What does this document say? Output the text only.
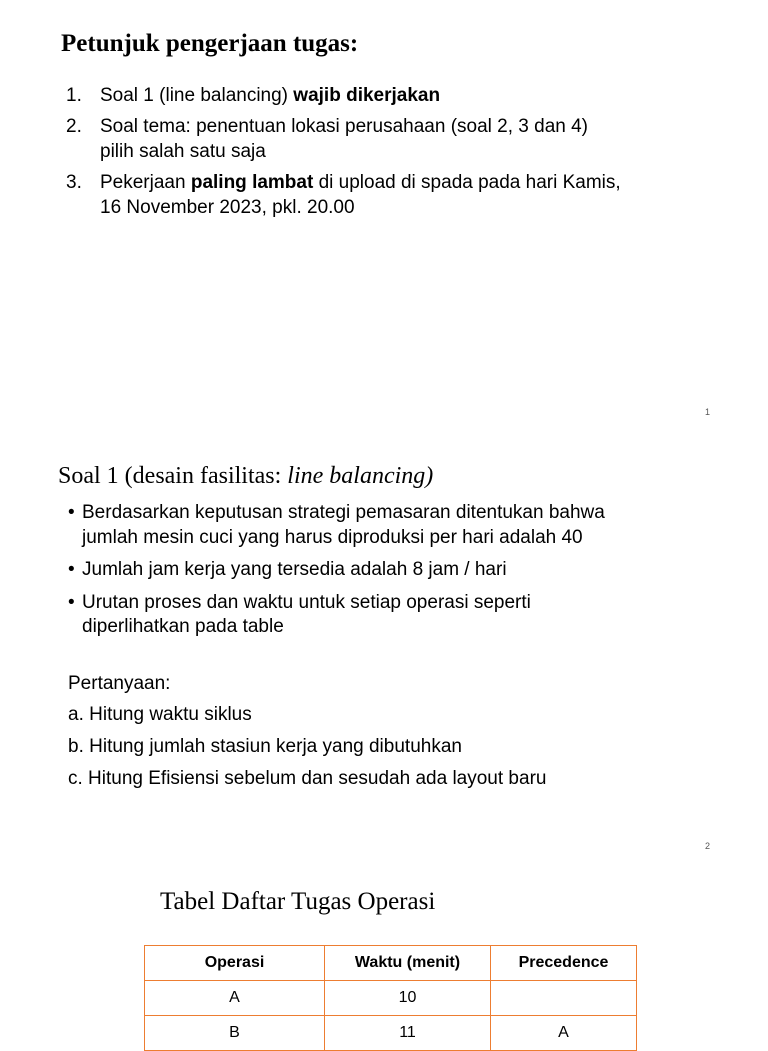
Petunjuk pengerjaan tugas:
1. Soal 1 (line balancing) wajib dikerjakan
2. Soal tema: penentuan lokasi perusahaan (soal 2, 3 dan 4) pilih salah satu saja
3. Pekerjaan paling lambat di upload di spada pada hari Kamis, 16 November 2023, pkl. 20.00
1
Soal 1 (desain fasilitas: line balancing)
• Berdasarkan keputusan strategi pemasaran ditentukan bahwa jumlah mesin cuci yang harus diproduksi per hari adalah 40
• Jumlah jam kerja yang tersedia adalah 8 jam / hari
• Urutan proses dan waktu untuk setiap operasi seperti diperlihatkan pada table
Pertanyaan:
a. Hitung waktu siklus
b. Hitung jumlah stasiun kerja yang dibutuhkan
c. Hitung Efisiensi sebelum dan sesudah ada layout baru
2
Tabel Daftar Tugas Operasi
Operasi	Waktu (menit)	Precedence
A	10	
B	11	A
